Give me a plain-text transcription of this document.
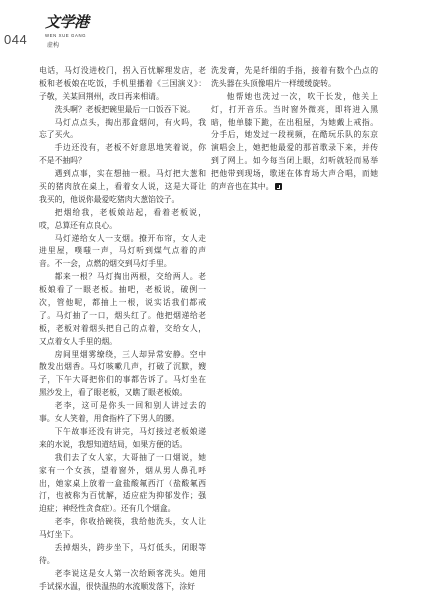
044
文学港
WEN XUE GANG
虚构
电话，马灯没进校门，拐入百忧解理发店，老
板和老板娘在吃饭，手机里播着《三国演义》：
子敬，关某回荆州，改日再来相请。
洗头啊？老板把碗里最后一口饭吞下说。
马灯点点头，掏出那盒烟问，有火吗，我
忘了买火。
手边还没有，老板不好意思地笑着说，你
不是不抽吗？
遇到点事，实在想抽一根。马灯把大葱和
买的猪肉放在桌上，看着女人说，这是大哥让
我买的，他说你最爱吃猪肉大葱馅饺子。
把烟给我，老板娘站起，看着老板说，
哎，总算还有点良心。
马灯递给女人一支烟。撩开布帘，女人走
进里屋，噗嗤一声，马灯听到煤气点着的声
音。不一会，点燃的烟交到马灯手里。
都来一根？马灯掏出两根，交给两人。老
板娘看了一眼老板。抽吧，老板说，破例一
次，管他呢，都抽上一根，说实话我们都戒
了。马灯抽了一口，烟头红了。他把烟递给老
板，老板对着烟头把自己的点着，交给女人，
又点着女人手里的烟。
房间里烟雾缭绕，三人却异常安静。空中
散发出烟香。马灯咳嗽几声，打破了沉默，嫂
子，下午大哥把你们的事都告诉了。马灯坐在
黑沙发上，看了眼老板，又瞧了眼老板娘。
老李，这可是你头一回和别人讲过去的
事。女人笑着，用食指杵了下男人的腰。
下午故事还没有讲完，马灯接过老板娘递
来的水说，我想知道结局，如果方便的话。
我们去了女人家，大哥抽了一口烟说，她
家有一个女孩，望着窗外，烟从男人鼻孔呼
出，她家桌上放着一盒盐酸氟西汀（盐酸氟西
汀，也被称为百忧解，适应症为抑郁发作；强
迫症；神经性贪食症）。还有几个烟盒。
老李，你收拾碗筷，我给他洗头，女人让
马灯坐下。
丢掉烟头，跨步坐下，马灯低头，闭眼等
待。
老李说这是女人第一次给顾客洗头。她用
手试探水温，很快温热的水流顺发落下，涂好
洗发膏，先是纤细的手指，接着有数个凸点的
洗头器在头顶像唱片一样缓缓旋转。
他帮她也洗过一次，吹干长发，他关上
灯，打开音乐。当时窗外微亮，即将进入黑
暗，他单膝下跪，在出租屋，为她戴上戒指。
分手后，她发过一段视频，在酷玩乐队的东京
演唱会上，她把他最爱的那首歌录下来，并传
到了网上。如今每当闭上眼，幻听就轻而易举
把他带到现场，歌迷在体育场大声合唱，而她
的声音也在其中。
